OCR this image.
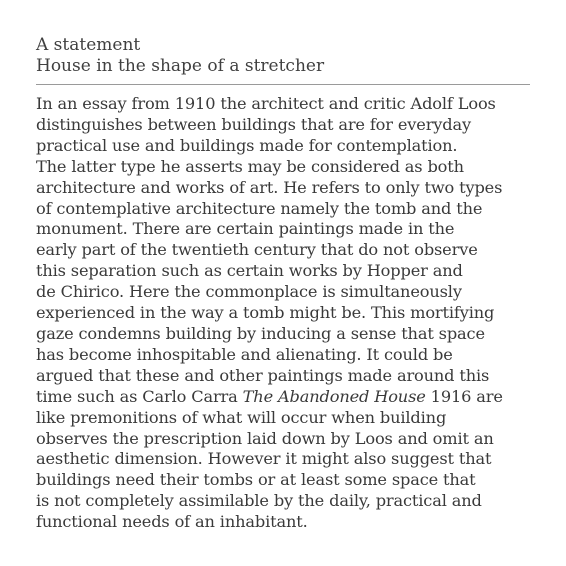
A statement
House in the shape of a stretcher
In an essay from 1910 the architect and critic Adolf Loos
distinguishes between buildings that are for everyday
practical use and buildings made for contemplation.
The latter type he asserts may be considered as both
architecture and works of art. He refers to only two types
of contemplative architecture namely the tomb and the
monument. There are certain paintings made in the
early part of the twentieth century that do not observe
this separation such as certain works by Hopper and
de Chirico. Here the commonplace is simultaneously
experienced in the way a tomb might be. This mortifying
gaze condemns building by inducing a sense that space
has become inhospitable and alienating. It could be
argued that these and other paintings made around this
time such as Carlo Carra The Abandoned House 1916 are
like premonitions of what will occur when building
observes the prescription laid down by Loos and omit an
aesthetic dimension. However it might also suggest that
buildings need their tombs or at least some space that
is not completely assimilable by the daily, practical and
functional needs of an inhabitant.
